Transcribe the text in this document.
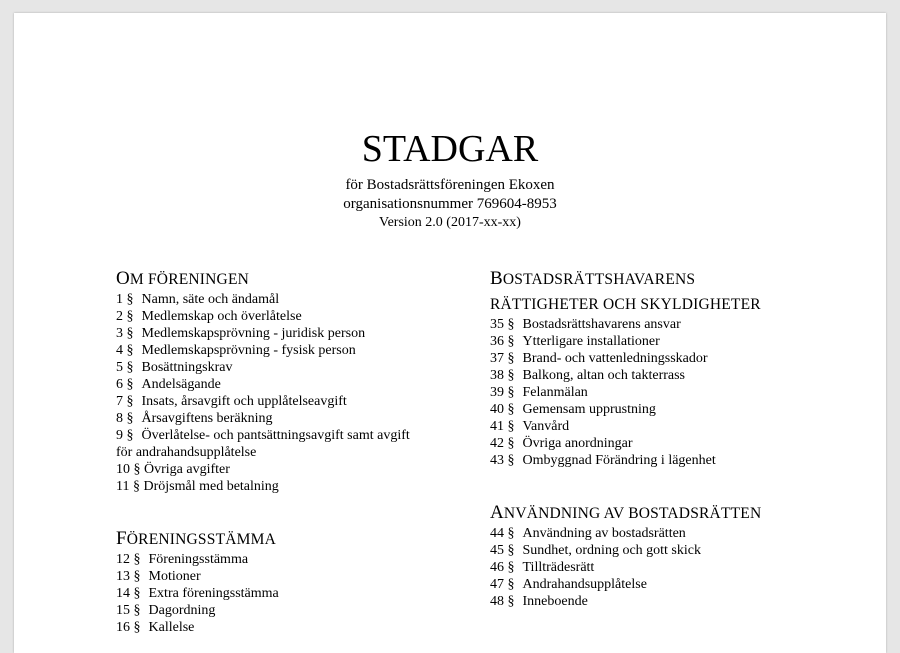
STADGAR
för Bostadsrättsföreningen Ekoxen
organisationsnummer 769604-8953
Version 2.0 (2017-xx-xx)
OM FÖRENINGEN
1 § Namn, säte och ändamål
2 § Medlemskap och överlåtelse
3 § Medlemskapsprövning - juridisk person
4 § Medlemskapsprövning - fysisk person
5 § Bosättningskrav
6 § Andelsägande
7 § Insats, årsavgift och upplåtelseavgift
8 § Årsavgiftens beräkning
9 § Överlåtelse- och pantsättningsavgift samt avgift
för andrahandsupplåtelse
10 § Övriga avgifter
11 § Dröjsmål med betalning
FÖRENINGSSTÄMMA
12 § Föreningsstämma
13 § Motioner
14 § Extra föreningsstämma
15 § Dagordning
16 § Kallelse
BOSTADSRÄTTSHAVARENS
RÄTTIGHETER OCH SKYLDIGHETER
35 § Bostadsrättshavarens ansvar
36 § Ytterligare installationer
37 § Brand- och vattenledningsskador
38 § Balkong, altan och takterrass
39 § Felanmälan
40 § Gemensam upprustning
41 § Vanvård
42 § Övriga anordningar
43 § Ombyggnad Förändring i lägenhet
ANVÄNDNING AV BOSTADSRÄTTEN
44 § Användning av bostadsrätten
45 § Sundhet, ordning och gott skick
46 § Tillträdesrätt
47 § Andrahandsupplåtelse
48 § Inneboende
